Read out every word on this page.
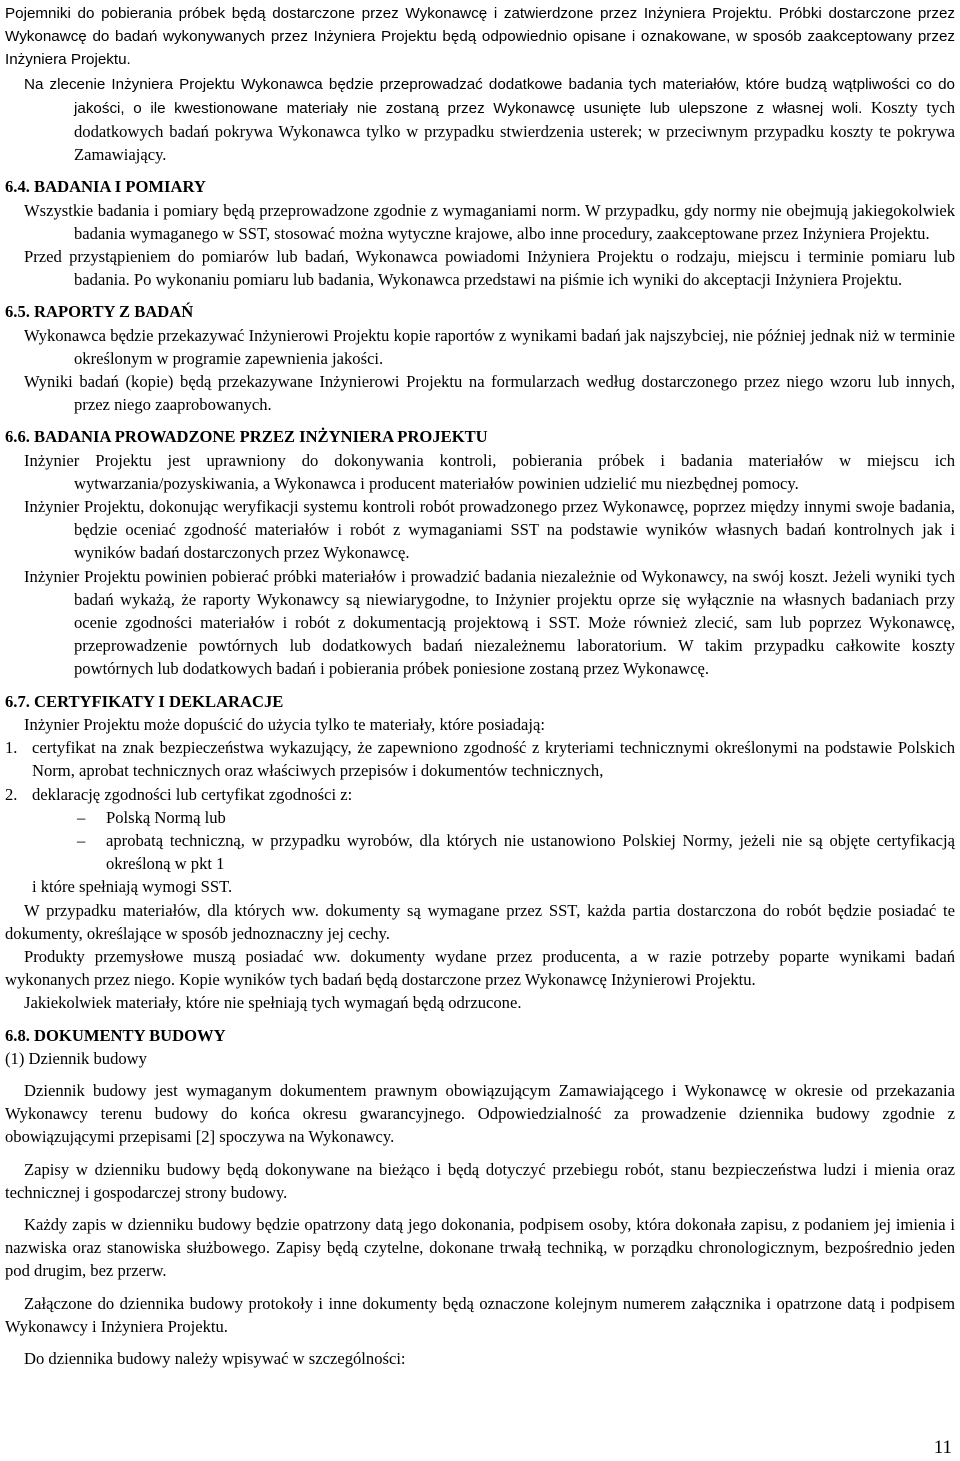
Pojemniki do pobierania próbek będą dostarczone przez Wykonawcę i zatwierdzone przez Inżyniera Projektu. Próbki dostarczone przez Wykonawcę do badań wykonywanych przez Inżyniera Projektu będą odpowiednio opisane i oznakowane, w sposób zaakceptowany przez Inżyniera Projektu.

Na zlecenie Inżyniera Projektu Wykonawca będzie przeprowadzać dodatkowe badania tych materiałów, które budzą wątpliwości co do jakości, o ile kwestionowane materiały nie zostaną przez Wykonawcę usunięte lub ulepszone z własnej woli. Koszty tych dodatkowych badań pokrywa Wykonawca tylko w przypadku stwierdzenia usterek; w przeciwnym przypadku koszty te pokrywa Zamawiający.

6.4. BADANIA I POMIARY

Wszystkie badania i pomiary będą przeprowadzone zgodnie z wymaganiami norm. W przypadku, gdy normy nie obejmują jakiegokolwiek badania wymaganego w SST, stosować można wytyczne krajowe, albo inne procedury, zaakceptowane przez Inżyniera Projektu.

Przed przystąpieniem do pomiarów lub badań, Wykonawca powiadomi Inżyniera Projektu o rodzaju, miejscu i terminie pomiaru lub badania. Po wykonaniu pomiaru lub badania, Wykonawca przedstawi na piśmie ich wyniki do akceptacji Inżyniera Projektu.

6.5. RAPORTY Z BADAŃ

Wykonawca będzie przekazywać Inżynierowi Projektu kopie raportów z wynikami badań jak najszybciej, nie później jednak niż w terminie określonym w programie zapewnienia jakości.

Wyniki badań (kopie) będą przekazywane Inżynierowi Projektu na formularzach według dostarczonego przez niego wzoru lub innych, przez niego zaaprobowanych.

6.6. BADANIA PROWADZONE PRZEZ INŻYNIERA PROJEKTU

Inżynier Projektu jest uprawniony do dokonywania kontroli, pobierania próbek i badania materiałów w miejscu ich wytwarzania/pozyskiwania, a Wykonawca i producent materiałów powinien udzielić mu niezbędnej pomocy.

Inżynier Projektu, dokonując weryfikacji systemu kontroli robót prowadzonego przez Wykonawcę, poprzez między innymi swoje badania, będzie oceniać zgodność materiałów i robót z wymaganiami SST na podstawie wyników własnych badań kontrolnych jak i wyników badań dostarczonych przez Wykonawcę.

Inżynier Projektu powinien pobierać próbki materiałów i prowadzić badania niezależnie od Wykonawcy, na swój koszt. Jeżeli wyniki tych badań wykażą, że raporty Wykonawcy są niewiarygodne, to Inżynier projektu oprze się wyłącznie na własnych badaniach przy ocenie zgodności materiałów i robót z dokumentacją projektową i SST. Może również zlecić, sam lub poprzez Wykonawcę, przeprowadzenie powtórnych lub dodatkowych badań niezależnemu laboratorium. W takim przypadku całkowite koszty powtórnych lub dodatkowych badań i pobierania próbek poniesione zostaną przez Wykonawcę.

6.7. CERTYFIKATY I DEKLARACJE

Inżynier Projektu może dopuścić do użycia tylko te materiały, które posiadają:

1. certyfikat na znak bezpieczeństwa wykazujący, że zapewniono zgodność z kryteriami technicznymi określonymi na podstawie Polskich Norm, aprobat technicznych oraz właściwych przepisów i dokumentów technicznych,
2. deklarację zgodności lub certyfikat zgodności z:
–	Polską Normą lub
–	aprobatą techniczną, w przypadku wyrobów, dla których nie ustanowiono Polskiej Normy, jeżeli nie są objęte certyfikacją określoną w pkt 1

i które spełniają wymogi SST.

W przypadku materiałów, dla których ww. dokumenty są wymagane przez SST, każda partia dostarczona do robót będzie posiadać te dokumenty, określające w sposób jednoznaczny jej cechy.

Produkty przemysłowe muszą posiadać ww. dokumenty wydane przez producenta, a w razie potrzeby poparte wynikami badań wykonanych przez niego. Kopie wyników tych badań będą dostarczone przez Wykonawcę Inżynierowi Projektu.

Jakiekolwiek materiały, które nie spełniają tych wymagań będą odrzucone.

6.8. DOKUMENTY BUDOWY

(1) Dziennik budowy

Dziennik budowy jest wymaganym dokumentem prawnym obowiązującym Zamawiającego i Wykonawcę w okresie od przekazania Wykonawcy terenu budowy do końca okresu gwarancyjnego. Odpowiedzialność za prowadzenie dziennika budowy zgodnie z obowiązującymi przepisami [2] spoczywa na Wykonawcy.

Zapisy w dzienniku budowy będą dokonywane na bieżąco i będą dotyczyć przebiegu robót, stanu bezpieczeństwa ludzi i mienia oraz technicznej i gospodarczej strony budowy.

Każdy zapis w dzienniku budowy będzie opatrzony datą jego dokonania, podpisem osoby, która dokonała zapisu, z podaniem jej imienia i nazwiska oraz stanowiska służbowego. Zapisy będą czytelne, dokonane trwałą techniką, w porządku chronologicznym, bezpośrednio jeden pod drugim, bez przerw.

Załączone do dziennika budowy protokoły i inne dokumenty będą oznaczone kolejnym numerem załącznika i opatrzone datą i podpisem Wykonawcy i Inżyniera Projektu.

Do dziennika budowy należy wpisywać w szczególności:

11
